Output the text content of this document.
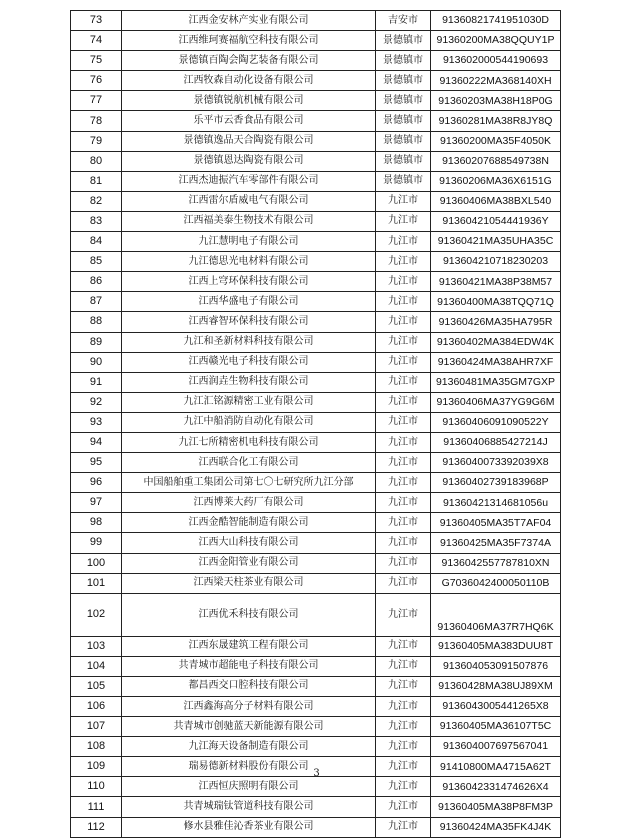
73	江西金安林产实业有限公司	吉安市	91360821741951030D
74	江西维珂赛福航空科技有限公司	景德镇市	91360200MA38QQUY1P
75	景德镇百陶会陶艺装备有限公司	景德镇市	913602000544190693
76	江西牧森自动化设备有限公司	景德镇市	91360222MA368140XH
77	景德镇锐航机械有限公司	景德镇市	91360203MA38H18P0G
78	乐平市云香食品有限公司	景德镇市	91360281MA38R8JY8Q
79	景德镇逸品天合陶瓷有限公司	景德镇市	91360200MA35F4050K
80	景德镇恩达陶瓷有限公司	景德镇市	91360207688549738N
81	江西杰迪振汽车零部件有限公司	景德镇市	91360206MA36X6151G
82	江西雷尔盾威电气有限公司	九江市	91360406MA38BXL540
83	江西福美泰生物技术有限公司	九江市	91360421054441936Y
84	九江慧明电子有限公司	九江市	91360421MA35UHA35C
85	九江德思光电材料有限公司	九江市	913604210718230203
86	江西上穹环保科技有限公司	九江市	91360421MA38P38M57
87	江西华盛电子有限公司	九江市	91360400MA38TQQ71Q
88	江西睿智环保科技有限公司	九江市	91360426MA35HA795R
89	九江和圣新材料科技有限公司	九江市	91360402MA384EDW4K
90	江西赣光电子科技有限公司	九江市	91360424MA38AHR7XF
91	江西润垚生物科技有限公司	九江市	91360481MA35GM7GXP
92	九江汇铭源精密工业有限公司	九江市	91360406MA37YG9G6M
93	九江中船消防自动化有限公司	九江市	91360406091090522Y
94	九江七所精密机电科技有限公司	九江市	91360406885427214J
95	江西联合化工有限公司	九江市	9136040073392039X8
96	中国船舶重工集团公司第七〇七研究所九江分部	九江市	91360402739183968P
97	江西博莱大药厂有限公司	九江市	91360421314681056u
98	江西金酷智能制造有限公司	九江市	91360405MA35T7AF04
99	江西大山科技有限公司	九江市	91360425MA35F7374A
100	江西金阳管业有限公司	九江市	9136042557787810XN
101	江西梁天柱茶业有限公司	九江市	G7036042400050110B
102	江西优禾科技有限公司	九江市	91360406MA37R7HQ6K
103	江西东晟建筑工程有限公司	九江市	91360405MA383DUU8T
104	共青城市超能电子科技有限公司	九江市	913604053091507876
105	都昌西交口腔科技有限公司	九江市	91360428MA38UJ89XM
106	江西鑫海高分子材料有限公司	九江市	9136043005441265X8
107	共青城市创驰蓝天新能源有限公司	九江市	91360405MA36107T5C
108	九江海天设备制造有限公司	九江市	913604007697567041
109	瑞易德新材料股份有限公司	九江市	91410800MA4715A62T
110	江西恒庆照明有限公司	九江市	9136042331474626X4
111	共青城瑞钛管道科技有限公司	九江市	91360405MA38P8FM3P
112	修水县雅佳沁香茶业有限公司	九江市	91360424MA35FK4J4K
3
